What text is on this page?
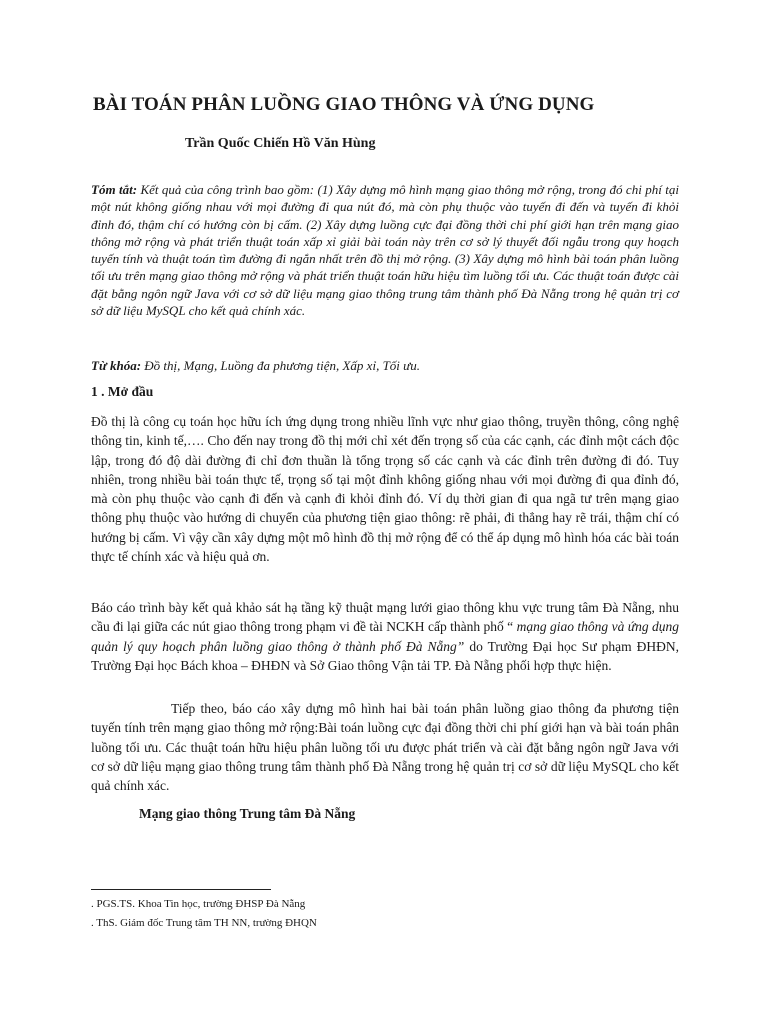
BÀI TOÁN PHÂN LUỒNG GIAO THÔNG VÀ ỨNG DỤNG
Trần Quốc Chiến Hồ Văn Hùng
Tóm tắt: Kết quả của công trình bao gồm: (1) Xây dựng mô hình mạng giao thông mở rộng, trong đó chi phí tại một nút không giống nhau với mọi đường đi qua nút đó, mà còn phụ thuộc vào tuyến đi đến và tuyến đi khỏi đỉnh đó, thậm chí có hướng còn bị cấm. (2) Xây dựng luồng cực đại đồng thời chi phí giới hạn trên mạng giao thông mở rộng và phát triển thuật toán xấp xỉ giải bài toán này trên cơ sở lý thuyết đối ngẫu trong quy hoạch tuyến tính và thuật toán tìm đường đi ngắn nhất trên đồ thị mở rộng. (3) Xây dựng mô hình bài toán phân luồng tối ưu trên mạng giao thông mở rộng và phát triển thuật toán hữu hiệu tìm luồng tối ưu. Các thuật toán được cài đặt bằng ngôn ngữ Java với cơ sở dữ liệu mạng giao thông trung tâm thành phố Đà Nẵng trong hệ quản trị cơ sở dữ liệu MySQL cho kết quả chính xác.
Từ khóa: Đồ thị, Mạng, Luồng đa phương tiện, Xấp xỉ, Tối ưu.
1 . Mở đầu
Đồ thị là công cụ toán học hữu ích ứng dụng trong nhiều lĩnh vực như giao thông, truyền thông, công nghệ thông tin, kinh tế,…. Cho đến nay trong đồ thị mới chỉ xét đến trọng số của các cạnh, các đỉnh một cách độc lập, trong đó độ dài đường đi chỉ đơn thuần là tổng trọng số các cạnh và các đỉnh trên đường đi đó. Tuy nhiên, trong nhiều bài toán thực tế, trọng số tại một đỉnh không giống nhau với mọi đường đi qua đỉnh đó, mà còn phụ thuộc vào cạnh đi đến và cạnh đi khỏi đỉnh đó. Ví dụ thời gian đi qua ngã tư trên mạng giao thông phụ thuộc vào hướng di chuyển của phương tiện giao thông: rẽ phải, đi thẳng hay rẽ trái, thậm chí có hướng bị cấm. Vì vậy cần xây dựng một mô hình đồ thị mở rộng để có thể áp dụng mô hình hóa các bài toán thực tế chính xác và hiệu quả ơn.
Báo cáo trình bày kết quả khảo sát hạ tầng kỹ thuật mạng lưới giao thông khu vực trung tâm Đà Nẵng, nhu cầu đi lại giữa các nút giao thông trong phạm vi đề tài NCKH cấp thành phố “ mạng giao thông và ứng dụng quản lý quy hoạch phân luồng giao thông ở thành phố Đà Nẵng” do Trường Đại học Sư phạm ĐHĐN, Trường Đại học Bách khoa – ĐHĐN và Sở Giao thông Vận tải TP. Đà Nẵng phối hợp thực hiện.
Tiếp theo, báo cáo xây dựng mô hình hai bài toán phân luồng giao thông đa phương tiện tuyến tính trên mạng giao thông mở rộng:Bài toán luồng cực đại đồng thời chi phí giới hạn và bài toán phân luồng tối ưu. Các thuật toán hữu hiệu phân luồng tối ưu được phát triển và cài đặt bằng ngôn ngữ Java với cơ sở dữ liệu mạng giao thông trung tâm thành phố Đà Nẵng trong hệ quản trị cơ sở dữ liệu MySQL cho kết quả chính xác.
Mạng giao thông Trung tâm Đà Nẵng
. PGS.TS. Khoa Tin học, trường ĐHSP Đà Nẵng
. ThS. Giám đốc Trung tâm TH NN, trường ĐHQN
